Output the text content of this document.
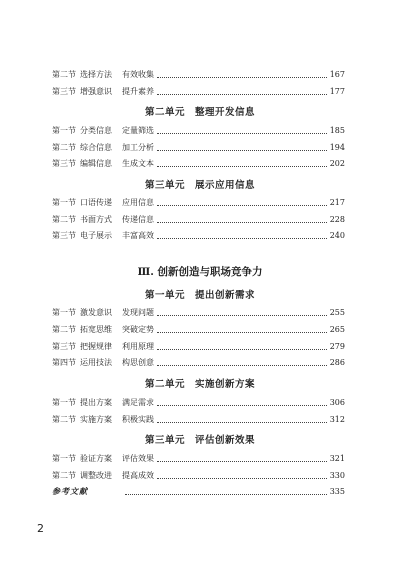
第二节 选择方法	有效收集	167
第三节 增强意识	提升素养	177
第二单元 整理开发信息
第一节 分类信息	定量筛选	185
第二节 综合信息	加工分析	194
第三节 编辑信息	生成文本	202
第三单元 展示应用信息
第一节 口语传递	应用信息	217
第二节 书面方式	传递信息	228
第三节 电子展示	丰富高效	240
Ⅲ. 创新创造与职场竞争力
第一单元 提出创新需求
第一节 激发意识	发现问题	255
第二节 拓宽思维	突破定势	265
第三节 把握规律	利用原理	279
第四节 运用技法	构思创意	286
第二单元 实施创新方案
第一节 提出方案	满足需求	306
第二节 实施方案	积极实践	312
第三单元 评估创新效果
第一节 验证方案	评估效果	321
第二节 调整改进	提高成效	330
参考文献	335
2
